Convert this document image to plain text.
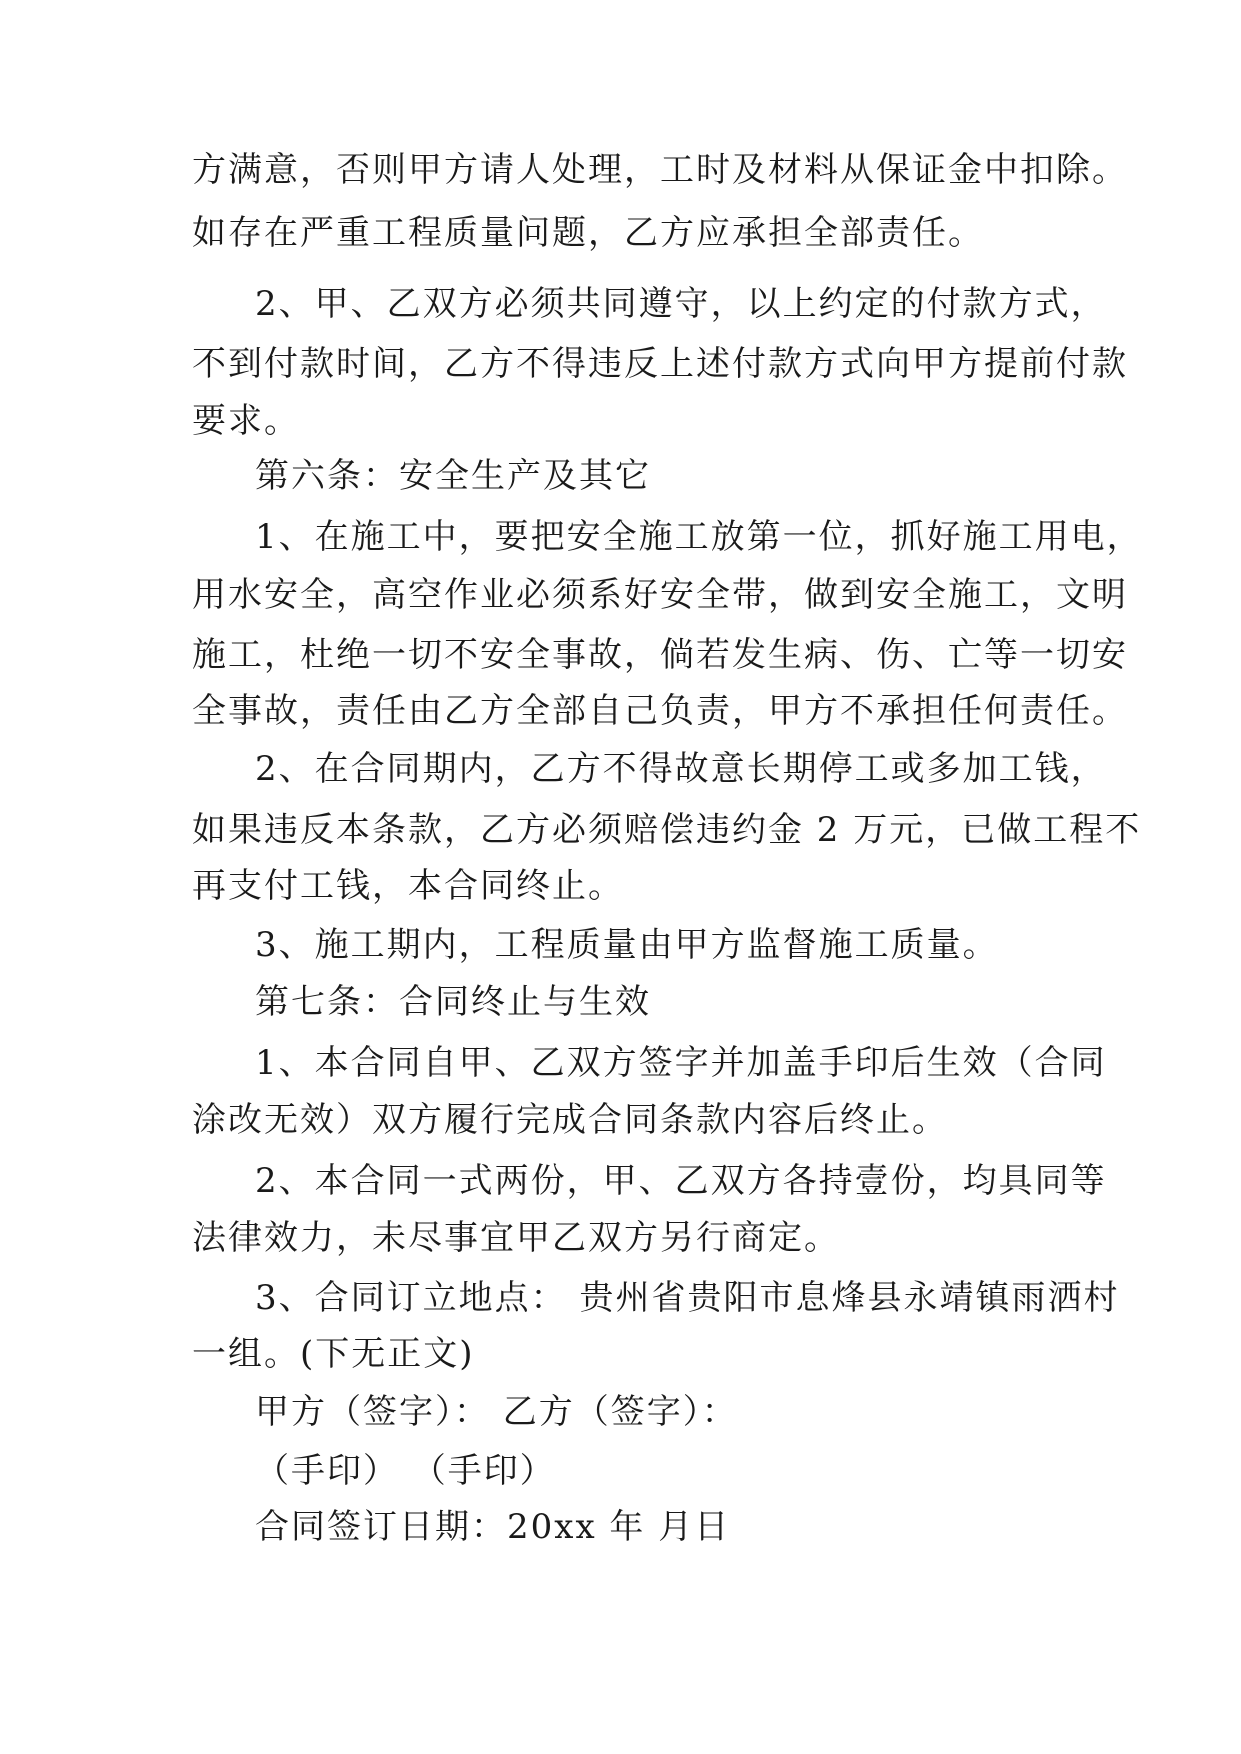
方满意，否则甲方请人处理，工时及材料从保证金中扣除。
如存在严重工程质量问题，乙方应承担全部责任。
2、甲、乙双方必须共同遵守，以上约定的付款方式，
不到付款时间，乙方不得违反上述付款方式向甲方提前付款
要求。
第六条：安全生产及其它
1、在施工中，要把安全施工放第一位，抓好施工用电，
用水安全，高空作业必须系好安全带，做到安全施工，文明
施工，杜绝一切不安全事故，倘若发生病、伤、亡等一切安
全事故，责任由乙方全部自己负责，甲方不承担任何责任。
2、在合同期内，乙方不得故意长期停工或多加工钱，
如果违反本条款，乙方必须赔偿违约金 2 万元，已做工程不
再支付工钱，本合同终止。
3、施工期内，工程质量由甲方监督施工质量。
第七条：合同终止与生效
1、本合同自甲、乙双方签字并加盖手印后生效（合同
涂改无效）双方履行完成合同条款内容后终止。
2、本合同一式两份，甲、乙双方各持壹份，均具同等
法律效力，未尽事宜甲乙双方另行商定。
3、合同订立地点： 贵州省贵阳市息烽县永靖镇雨洒村
一组。(下无正文)
甲方（签字）： 乙方（签字）：
（手印） （手印）
合同签订日期：20xx 年 月日
